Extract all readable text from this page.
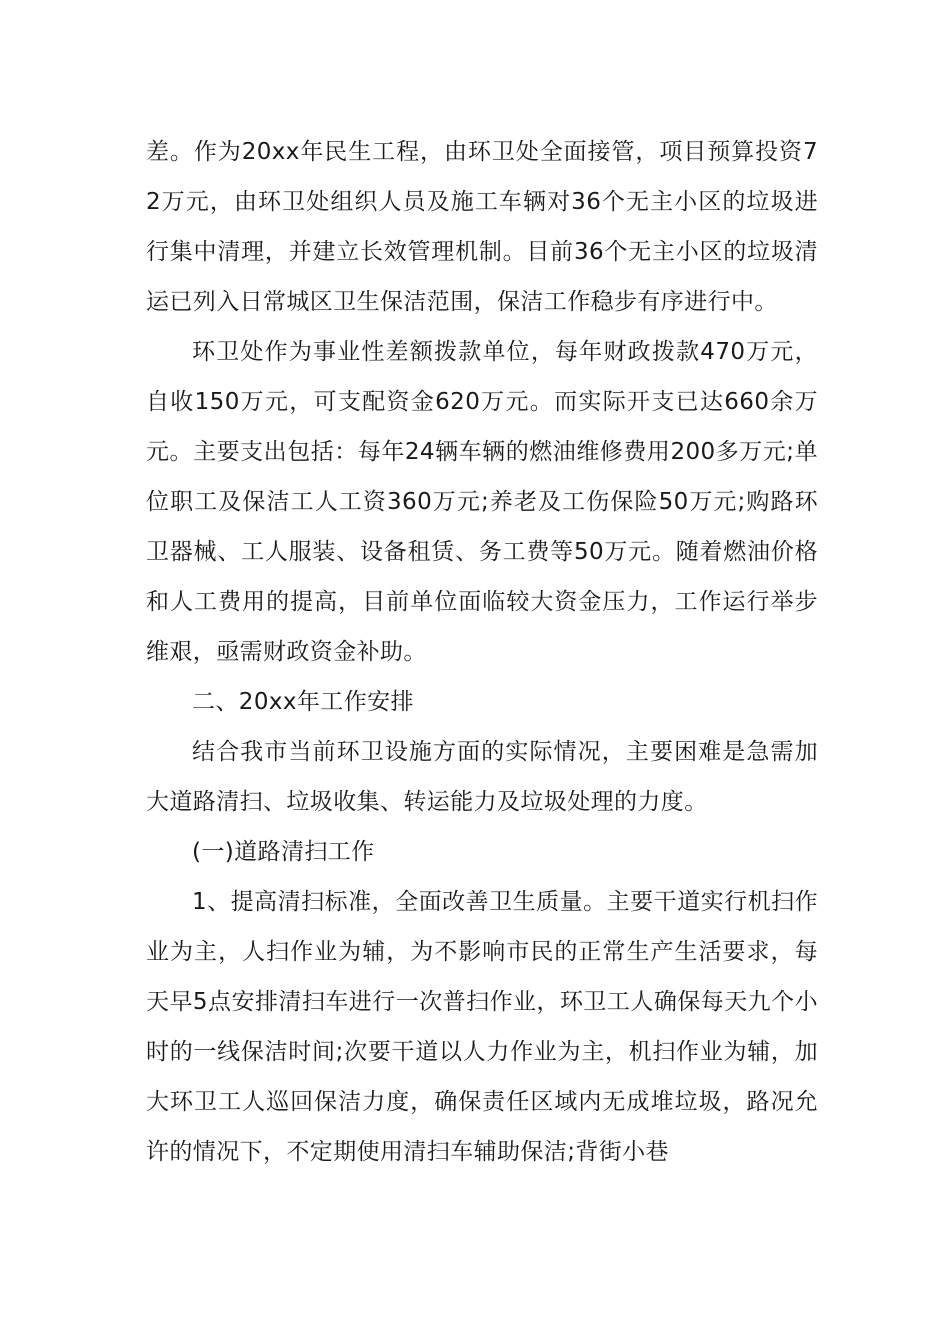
差。作为20xx年民生工程，由环卫处全面接管，项目预算投资72万元，由环卫处组织人员及施工车辆对36个无主小区的垃圾进行集中清理，并建立长效管理机制。目前36个无主小区的垃圾清运已列入日常城区卫生保洁范围，保洁工作稳步有序进行中。

环卫处作为事业性差额拨款单位，每年财政拨款470万元，自收150万元，可支配资金620万元。而实际开支已达660余万元。主要支出包括：每年24辆车辆的燃油维修费用200多万元;单位职工及保洁工人工资360万元;养老及工伤保险50万元;购路环卫器械、工人服装、设备租赁、务工费等50万元。随着燃油价格和人工费用的提高，目前单位面临较大资金压力，工作运行举步维艰，亟需财政资金补助。

二、20xx年工作安排

结合我市当前环卫设施方面的实际情况，主要困难是急需加大道路清扫、垃圾收集、转运能力及垃圾处理的力度。

(一)道路清扫工作

1、提高清扫标准，全面改善卫生质量。主要干道实行机扫作业为主，人扫作业为辅，为不影响市民的正常生产生活要求，每天早5点安排清扫车进行一次普扫作业，环卫工人确保每天九个小时的一线保洁时间;次要干道以人力作业为主，机扫作业为辅，加大环卫工人巡回保洁力度，确保责任区域内无成堆垃圾，路况允许的情况下，不定期使用清扫车辅助保洁;背街小巷
